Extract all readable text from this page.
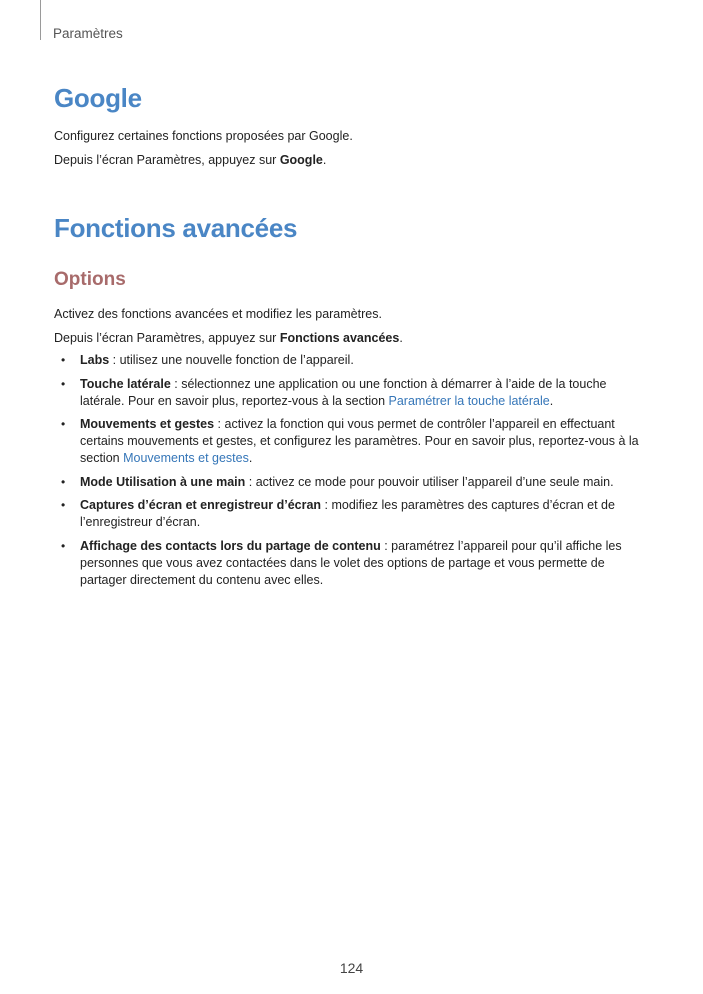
Paramètres
Google

Configurez certaines fonctions proposées par Google.

Depuis l’écran Paramètres, appuyez sur Google.

Fonctions avancées
Options

Activez des fonctions avancées et modifiez les paramètres.

Depuis l’écran Paramètres, appuyez sur Fonctions avancées.

• Labs : utilisez une nouvelle fonction de l’appareil.
• Touche latérale : sélectionnez une application ou une fonction à démarrer à l’aide de la touche latérale. Pour en savoir plus, reportez-vous à la section Paramétrer la touche latérale.
• Mouvements et gestes : activez la fonction qui vous permet de contrôler l’appareil en effectuant certains mouvements et gestes, et configurez les paramètres. Pour en savoir plus, reportez-vous à la section Mouvements et gestes.
• Mode Utilisation à une main : activez ce mode pour pouvoir utiliser l’appareil d’une seule main.
• Captures d’écran et enregistreur d’écran : modifiez les paramètres des captures d’écran et de l’enregistreur d’écran.
• Affichage des contacts lors du partage de contenu : paramétrez l’appareil pour qu’il affiche les personnes que vous avez contactées dans le volet des options de partage et vous permette de partager directement du contenu avec elles.
124
